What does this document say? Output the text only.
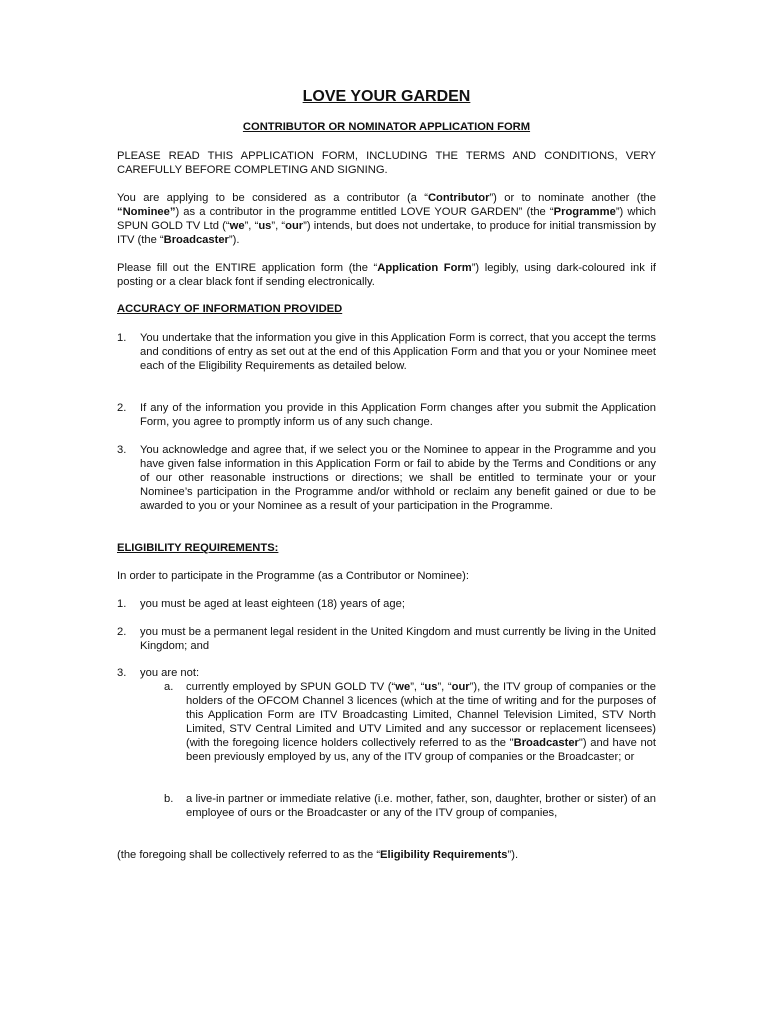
LOVE YOUR GARDEN
CONTRIBUTOR OR NOMINATOR APPLICATION FORM

PLEASE READ THIS APPLICATION FORM, INCLUDING THE TERMS AND CONDITIONS, VERY CAREFULLY BEFORE COMPLETING AND SIGNING.

You are applying to be considered as a contributor (a “Contributor”) or to nominate another (the “Nominee”) as a contributor in the programme entitled LOVE YOUR GARDEN” (the “Programme”) which SPUN GOLD TV Ltd (“we”, “us”, “our”) intends, but does not undertake, to produce for initial transmission by ITV (the “Broadcaster”).

Please fill out the ENTIRE application form (the “Application Form”) legibly, using dark-coloured ink if posting or a clear black font if sending electronically.

ACCURACY OF INFORMATION PROVIDED

1. You undertake that the information you give in this Application Form is correct, that you accept the terms and conditions of entry as set out at the end of this Application Form and that you or your Nominee meet each of the Eligibility Requirements as detailed below.

2. If any of the information you provide in this Application Form changes after you submit the Application Form, you agree to promptly inform us of any such change.

3. You acknowledge and agree that, if we select you or the Nominee to appear in the Programme and you have given false information in this Application Form or fail to abide by the Terms and Conditions or any of our other reasonable instructions or directions; we shall be entitled to terminate your or your Nominee’s participation in the Programme and/or withhold or reclaim any benefit gained or due to be awarded to you or your Nominee as a result of your participation in the Programme.

ELIGIBILITY REQUIREMENTS:

In order to participate in the Programme (as a Contributor or Nominee):

1. you must be aged at least eighteen (18) years of age;

2. you must be a permanent legal resident in the United Kingdom and must currently be living in the United Kingdom; and

3. you are not:

a. currently employed by SPUN GOLD TV (“we”, “us”, “our”), the ITV group of companies or the holders of the OFCOM Channel 3 licences (which at the time of writing and for the purposes of this Application Form are ITV Broadcasting Limited, Channel Television Limited, STV North Limited, STV Central Limited and UTV Limited and any successor or replacement licensees) (with the foregoing licence holders collectively referred to as the "Broadcaster") and have not been previously employed by us, any of the ITV group of companies or the Broadcaster; or

b. a live-in partner or immediate relative (i.e. mother, father, son, daughter, brother or sister) of an employee of ours or the Broadcaster or any of the ITV group of companies,

(the foregoing shall be collectively referred to as the “Eligibility Requirements”).
